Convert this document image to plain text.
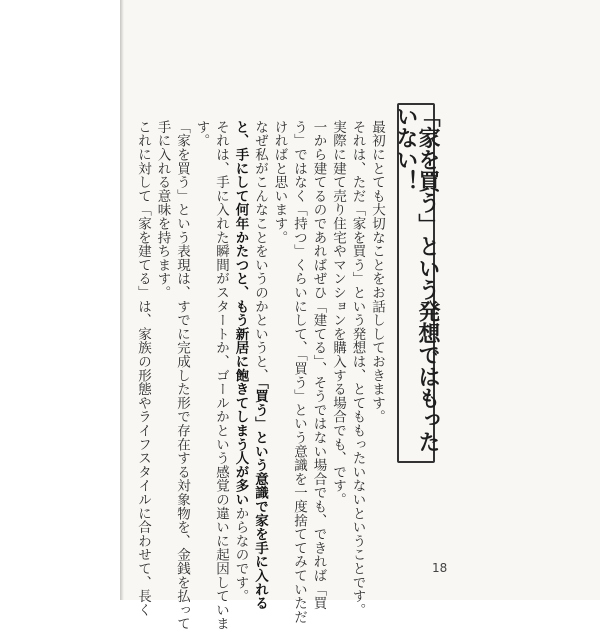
「家を買う」という発想ではもったいない！
最初にとても大切なことをお話ししておきます。
それは、ただ「家を買う」という発想は、とてももったいないということです。
実際に建て売り住宅やマンションを購入する場合でも、です。
一から建てるのであればぜひ「建てる」、そうではない場合でも、できれば「買
う」ではなく「持つ」くらいにして、「買う」という意識を一度捨ててみていただ
ければと思います。
なぜ私がこんなことをいうのかというと、「買う」という意識で家を手に入れる
と、手にして何年かたつと、もう新居に飽きてしまう人が多いからなのです。
それは、手に入れた瞬間がスタートか、ゴールかという感覚の違いに起因していま
す。
「家を買う」という表現は、すでに完成した形で存在する対象物を、金銭を払って
手に入れる意味を持ちます。
これに対して「家を建てる」は、家族の形態やライフスタイルに合わせて、長く	18
